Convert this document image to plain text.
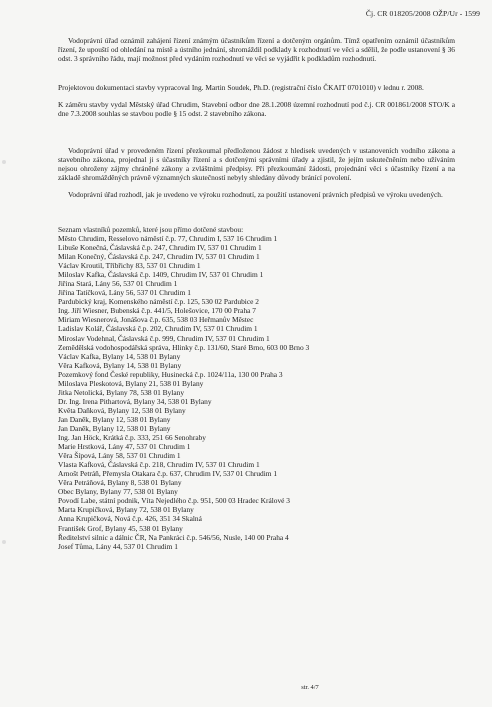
Čj. CR 018205/2008 OŽP/Ur - 1599

Vodoprávní úřad oznámil zahájení řízení známým účastníkům řízení a dotčeným orgánům. Tímž opatřením oznámil účastníkům řízení, že upouští od ohledání na místě a ústního jednání, shromáždil podklady k rozhodnutí ve věci a sdělil, že podle ustanovení § 36 odst. 3 správního řádu, mají možnost před vydáním rozhodnutí ve věci se vyjádřit k podkladům rozhodnutí.

Projektovou dokumentaci stavby vypracoval Ing. Martin Soudek, Ph.D. (registrační číslo ČKAIT 0701010) v lednu r. 2008.

K záměru stavby vydal Městský úřad Chrudim, Stavební odbor dne 28.1.2008 územní rozhodnutí pod č.j. CR 001861/2008 STO/K a dne 7.3.2008 souhlas se stavbou podle § 15 odst. 2 stavebního zákona.

Vodoprávní úřad v provedeném řízení přezkoumal předloženou žádost z hledisek uvedených v ustanoveních vodního zákona a stavebního zákona, projednal ji s účastníky řízení a s dotčenými správními úřady a zjistil, že jejím uskutečněním nebo užíváním nejsou ohroženy zájmy chráněné zákony a zvláštními předpisy. Při přezkoumání žádosti, projednání věci s účastníky řízení a na základě shromážděných právně významných skutečností nebyly shledány důvody bránící povolení.

Vodoprávní úřad rozhodl, jak je uvedeno ve výroku rozhodnutí, za použití ustanovení právních předpisů ve výroku uvedených.

Seznam vlastníků pozemků, které jsou přímo dotčené stavbou:

Město Chrudim, Resselovo náměstí č.p. 77, Chrudim I, 537 16 Chrudim 1
Libuše Konečná, Čáslavská č.p. 247, Chrudim IV, 537 01 Chrudim 1
Milan Konečný, Čáslavská č.p. 247, Chrudim IV, 537 01 Chrudim 1
Václav Kroutil, Tříbřichy 83, 537 01 Chrudim 1
Miloslav Kafka, Čáslavská č.p. 1409, Chrudim IV, 537 01 Chrudim 1
Jiřina Stará, Lány 56, 537 01 Chrudim 1
Jiřina Tatíčková, Lány 56, 537 01 Chrudim 1
Pardubický kraj, Komenského náměstí č.p. 125, 530 02 Pardubice 2
Ing. Jiří Wiesner, Bubenská č.p. 441/5, Holešovice, 170 00 Praha 7
Miriam Wiesnerová, Jonášova č.p. 635, 538 03 Heřmanův Městec
Ladislav Kolář, Čáslavská č.p. 202, Chrudim IV, 537 01 Chrudim 1
Miroslav Vodehnal, Čáslavská č.p. 999, Chrudim IV, 537 01 Chrudim 1
Zemědělská vodohospodářská správa, Hlinky č.p. 131/60, Staré Brno, 603 00 Brno 3
Václav Kafka, Bylany 14, 538 01 Bylany
Věra Kafková, Bylany 14, 538 01 Bylany
Pozemkový fond České republiky, Husinecká č.p. 1024/11a, 130 00 Praha 3
Miloslava Pleskotová, Bylany 21, 538 01 Bylany
Jitka Netolická, Bylany 78, 538 01 Bylany
Dr. Ing. Irena Pithartová, Bylany 34, 538 01 Bylany
Květa Daňková, Bylany 12, 538 01 Bylany
Jan Daněk, Bylany 12, 538 01 Bylany
Jan Daněk, Bylany 12, 538 01 Bylany
Ing. Jan Höck, Krátká č.p. 333, 251 66 Senohraby
Marie Hrstková, Lány 47, 537 01 Chrudim 1
Věra Šípová, Lány 58, 537 01 Chrudim 1
Vlasta Kafková, Čáslavská č.p. 218, Chrudim IV, 537 01 Chrudim 1
Arnošt Petráň, Přemysla Otakara č.p. 637, Chrudim IV, 537 01 Chrudim 1
Věra Petráňová, Bylany 8, 538 01 Bylany
Obec Bylany, Bylany 77, 538 01 Bylany
Povodí Labe, státní podnik, Víta Nejedlého č.p. 951, 500 03 Hradec Králové 3
Marta Krupičková, Bylany 72, 538 01 Bylany
Anna Krupičková, Nová č.p. 426, 351 34 Skalná
František Grof, Bylany 45, 538 01 Bylany
Ředitelství silnic a dálnic ČR, Na Pankráci č.p. 546/56, Nusle, 140 00 Praha 4
Josef Tůma, Lány 44, 537 01 Chrudim 1
str. 4/7
